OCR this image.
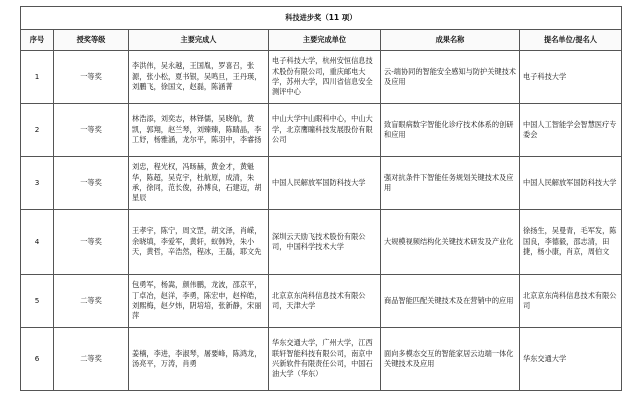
科技进步奖（11 项）					
序号	授奖等级	主要完成人	主要完成单位	成果名称	提名单位/提名人
1	一等奖	李洪伟，吴永越，王国胤，罗喜召，张源，张小松，夏书银，吴鸣旦，王丹瑛，刘鹏飞，徐国文，赵磊，陈涵菁	电子科技大学，杭州安恒信息技术股份有限公司，重庆邮电大学，苏州大学，四川省信息安全测评中心	云-端协同的智能安全感知与防护关键技术及应用	电子科技大学
2	一等奖	林浩添，刘奕志，林铎儒，吴晓航，黄凯，郭翔，赵兰琴，刘臻臻，陈睛晶，李工妤，杨雅涵，龙尔平，陈羽中，李睿扬	中山大学中山眼科中心，中山大学，北京鹰瞳科技发展股份有限公司	致盲眼病数字智能化诊疗技术体系的创研和应用	中国人工智能学会智慧医疗专委会
3	一等奖	刘忠，程光权，冯旸赫，黄金才，黄魁华，陈超，吴克宇，杜航原，成清，朱承，徐同，范长俊，孙博良，石建迈，胡星辰	中国人民解放军国防科技大学	强对抗条件下智能任务规划关键技术及应用	中国人民解放军国防科技大学
4	一等奖	王孝宇，陈宁，周文罡，胡文泽，肖嵘，余晓填，李爱军，黄轩，蚁韩羚，朱小天，黄哲，辛浩然，程冰，王磊，耶文先	深圳云天励飞技术股份有限公司，中国科学技术大学	大规模视频结构化关键技术研发及产业化	徐扬生，吴曼青，毛军发，陈国良，李德毅，邵志清，田捷，杨小康，肖京，周伯文
5	二等奖	包勇军，杨嵩，颜伟鹏，龙波，邵京平，丁卓冶，赵洋，李勇，陈宏申，赵梓皓，刘熙梅，赵夕炜，阴培培，张新静，宋丽萍	北京京东尚科信息技术有限公司，天津大学	商品智能匹配关键技术及在营销中的应用	北京京东尚科信息技术有限公司
6	二等奖	姜楠，李进，李淑琴，屠要峰，陈鸿龙，汤亮平，万涛，肖勇	华东交通大学，广州大学，江西联轩智能科技有限公司，南京中兴新软件有限责任公司，中国石油大学（华东）	面向多模态交互的智能家居云边端一体化关键技术及应用	华东交通大学
